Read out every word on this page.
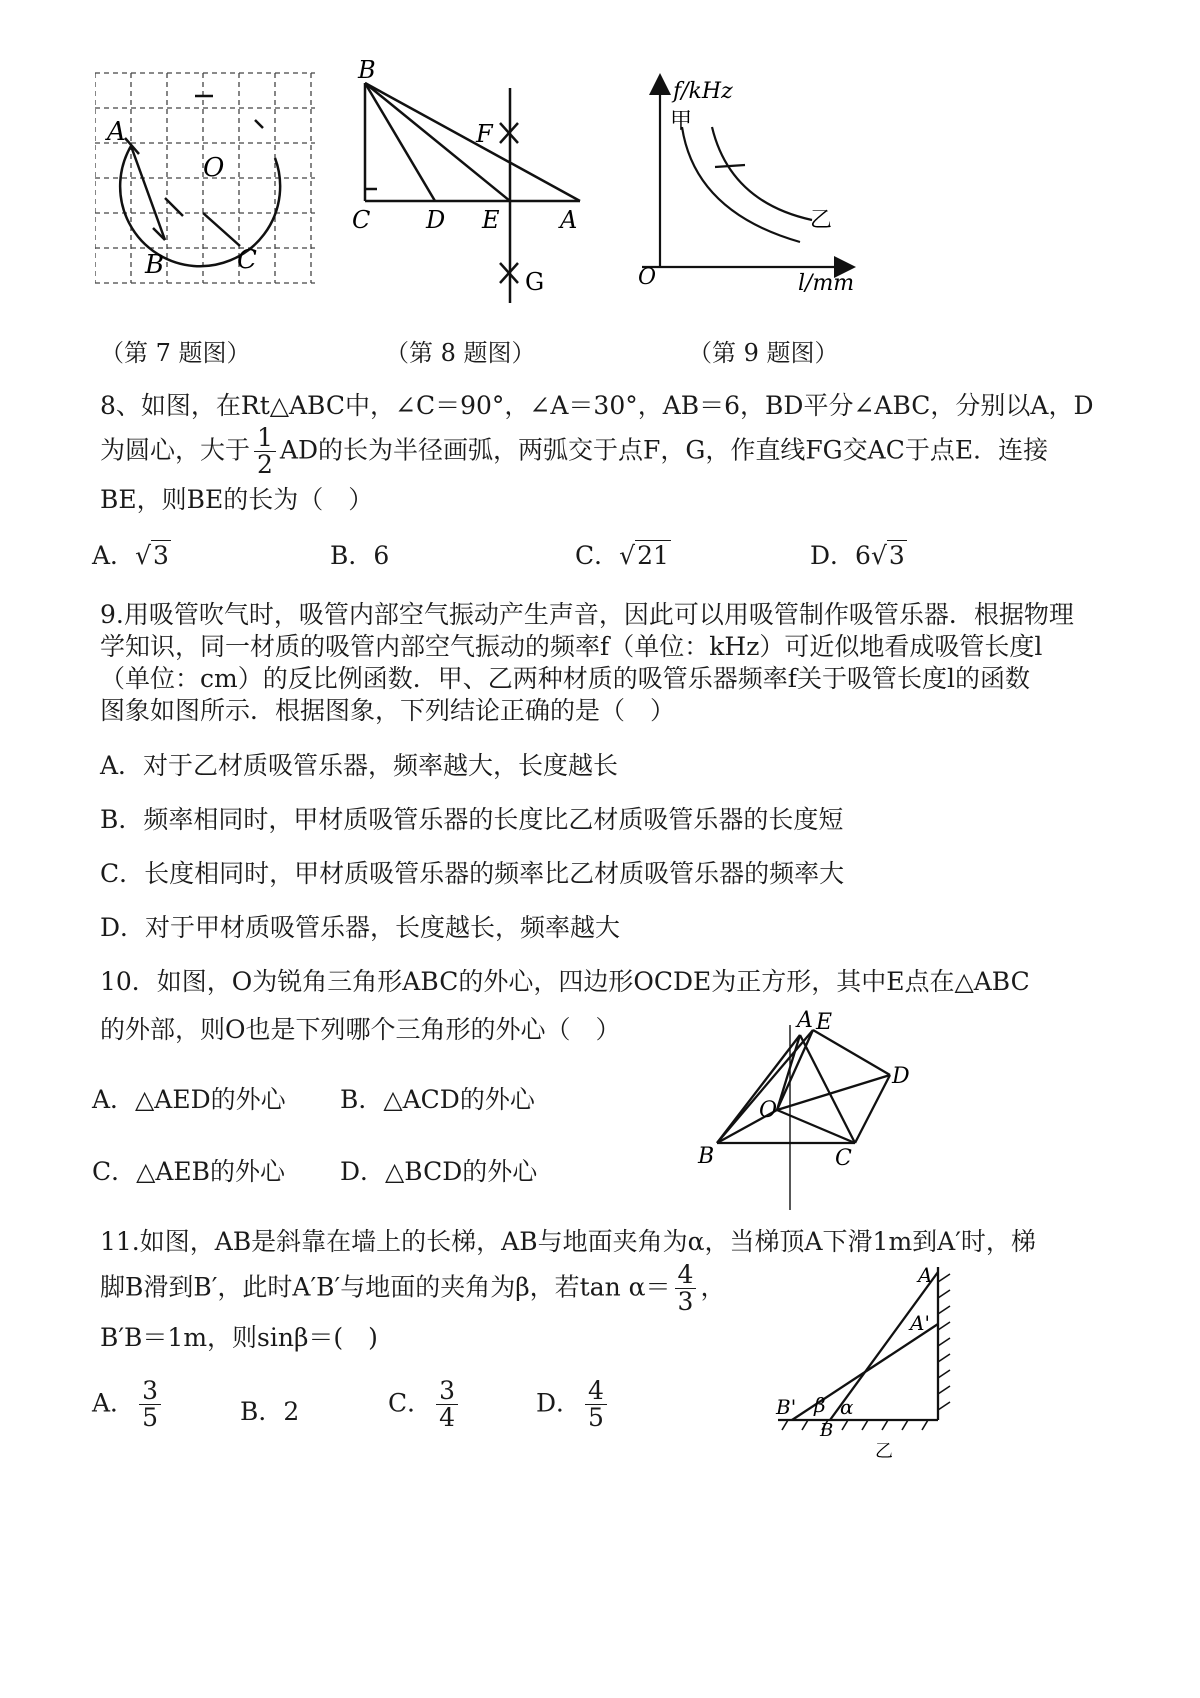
A
O
B	C
（第 7 题图）
B
F
C D E	A
G
（第 8 题图）
f/kHz
甲
乙
O	l/mm
（第 9 题图）
8、如图，在Rt△ABC中，∠C＝90°，∠A＝30°，AB＝6，BD平分∠ABC，分别以A，D
为圆心，大于 $\frac{1}{2}$ AD的长为半径画弧，两弧交于点F，G，作直线FG交AC于点E．连接
BE，则BE的长为（　）
A．√3	B．6	C．√21	D．6√3
9.用吸管吹气时，吸管内部空气振动产生声音，因此可以用吸管制作吸管乐器．根据物理
学知识，同一材质的吸管内部空气振动的频率f（单位：kHz）可近似地看成吸管长度l
（单位：cm）的反比例函数．甲、乙两种材质的吸管乐器频率f关于吸管长度l的函数
图象如图所示．根据图象，下列结论正确的是（　）
A．对于乙材质吸管乐器，频率越大，长度越长
B．频率相同时，甲材质吸管乐器的长度比乙材质吸管乐器的长度短
C．长度相同时，甲材质吸管乐器的频率比乙材质吸管乐器的频率大
D．对于甲材质吸管乐器，长度越长，频率越大
10．如图，O为锐角三角形ABC的外心，四边形OCDE为正方形，其中E点在△ABC
的外部，则O也是下列哪个三角形的外心（　）
A．△AED的外心 B．△ACD的外心
C．△AEB的外心 D．△BCD的外心
A E
D
O
B	C
11.如图，AB是斜靠在墙上的长梯，AB与地面夹角为α，当梯顶A下滑1m到A′时，梯
脚B滑到B′，此时A′B′与地面的夹角为β，若$\tan \alpha= \frac{4}{3}$ ，
B′B＝1m，则sinβ＝(　)
A． $\frac{3}{5}$	B．2	C． $\frac{3}{4}$	D． $\frac{4}{5}$
A
A'
B' β α
B
乙
